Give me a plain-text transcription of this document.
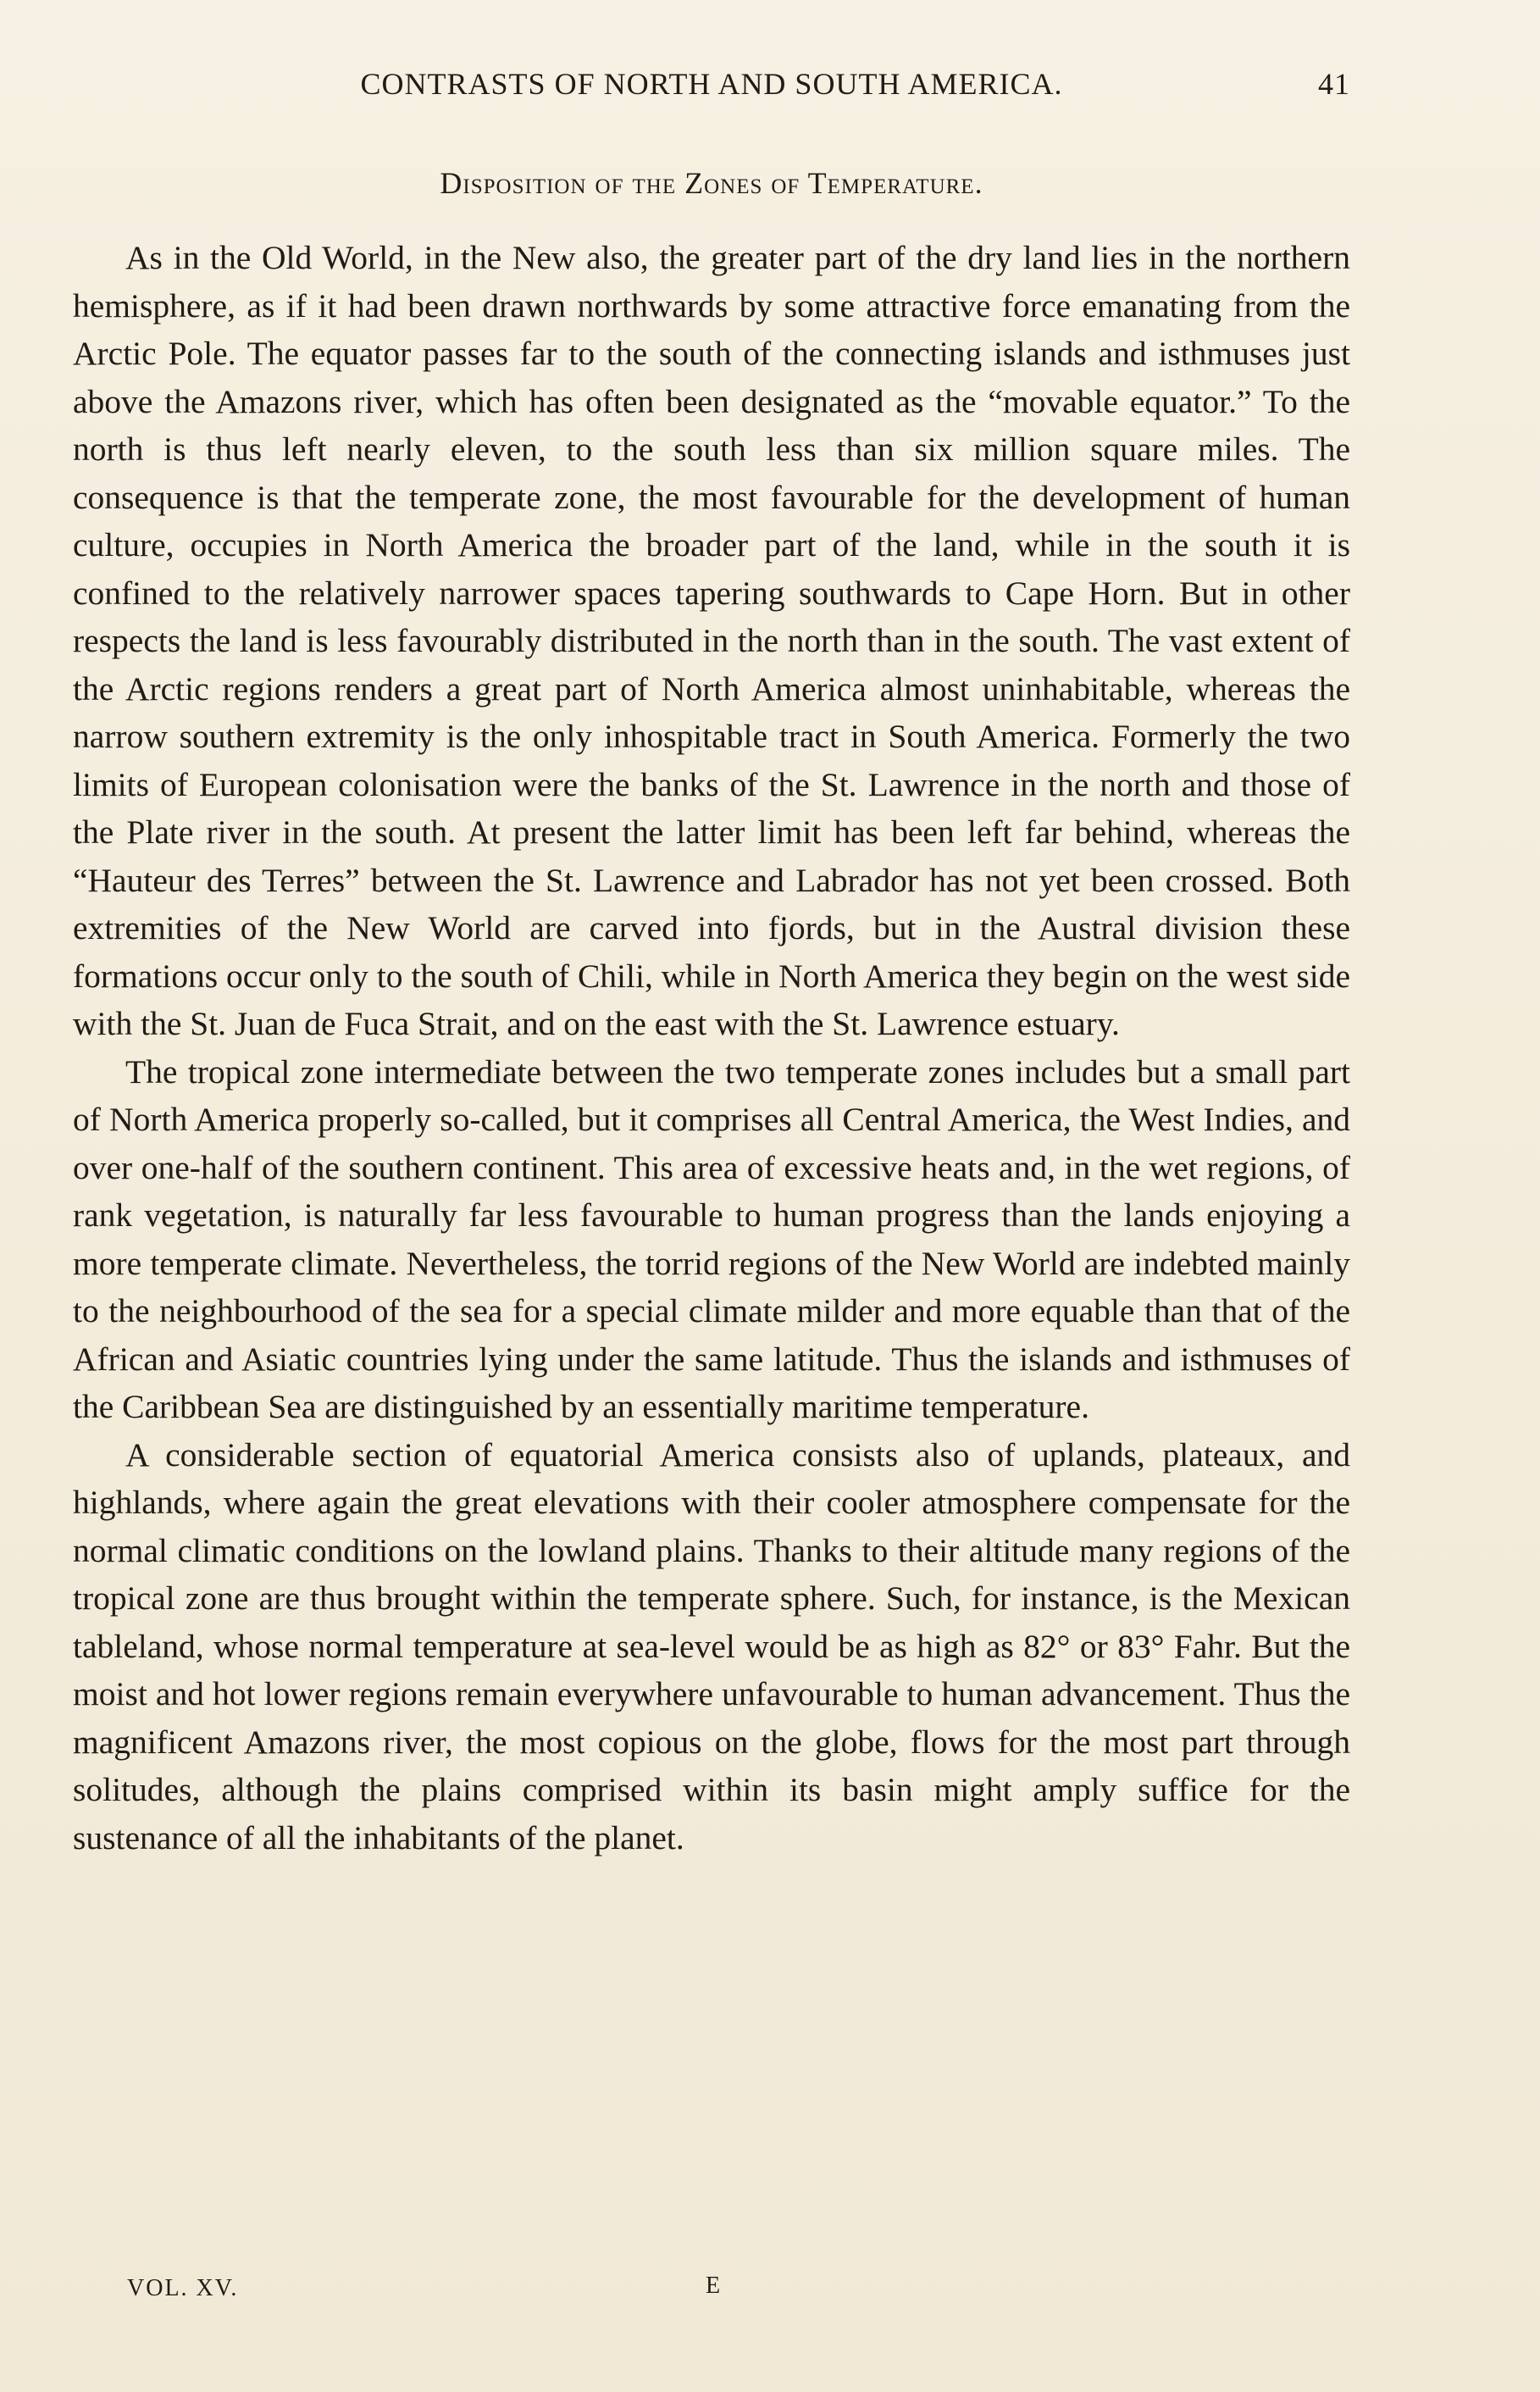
CONTRASTS OF NORTH AND SOUTH AMERICA.	41
Disposition of the Zones of Temperature.

As in the Old World, in the New also, the greater part of the dry land lies in the northern hemisphere, as if it had been drawn northwards by some attractive force emanating from the Arctic Pole. The equator passes far to the south of the connecting islands and isthmuses just above the Amazons river, which has often been designated as the “movable equator.” To the north is thus left nearly eleven, to the south less than six million square miles. The consequence is that the temperate zone, the most favourable for the development of human culture, occupies in North America the broader part of the land, while in the south it is confined to the relatively narrower spaces tapering southwards to Cape Horn. But in other respects the land is less favourably distributed in the north than in the south. The vast extent of the Arctic regions renders a great part of North America almost uninhabitable, whereas the narrow southern extremity is the only inhospitable tract in South America. Formerly the two limits of European colonisation were the banks of the St. Lawrence in the north and those of the Plate river in the south. At present the latter limit has been left far behind, whereas the “Hauteur des Terres” between the St. Lawrence and Labrador has not yet been crossed. Both extremities of the New World are carved into fjords, but in the Austral division these formations occur only to the south of Chili, while in North America they begin on the west side with the St. Juan de Fuca Strait, and on the east with the St. Lawrence estuary.

The tropical zone intermediate between the two temperate zones includes but a small part of North America properly so-called, but it comprises all Central America, the West Indies, and over one-half of the southern continent. This area of excessive heats and, in the wet regions, of rank vegetation, is naturally far less favourable to human progress than the lands enjoying a more temperate climate. Nevertheless, the torrid regions of the New World are indebted mainly to the neighbourhood of the sea for a special climate milder and more equable than that of the African and Asiatic countries lying under the same latitude. Thus the islands and isthmuses of the Caribbean Sea are distinguished by an essentially maritime temperature.

A considerable section of equatorial America consists also of uplands, plateaux, and highlands, where again the great elevations with their cooler atmosphere compensate for the normal climatic conditions on the lowland plains. Thanks to their altitude many regions of the tropical zone are thus brought within the temperate sphere. Such, for instance, is the Mexican tableland, whose normal temperature at sea-level would be as high as 82° or 83° Fahr. But the moist and hot lower regions remain everywhere unfavourable to human advancement. Thus the magnificent Amazons river, the most copious on the globe, flows for the most part through solitudes, although the plains comprised within its basin might amply suffice for the sustenance of all the inhabitants of the planet.

VOL. XV.	E
